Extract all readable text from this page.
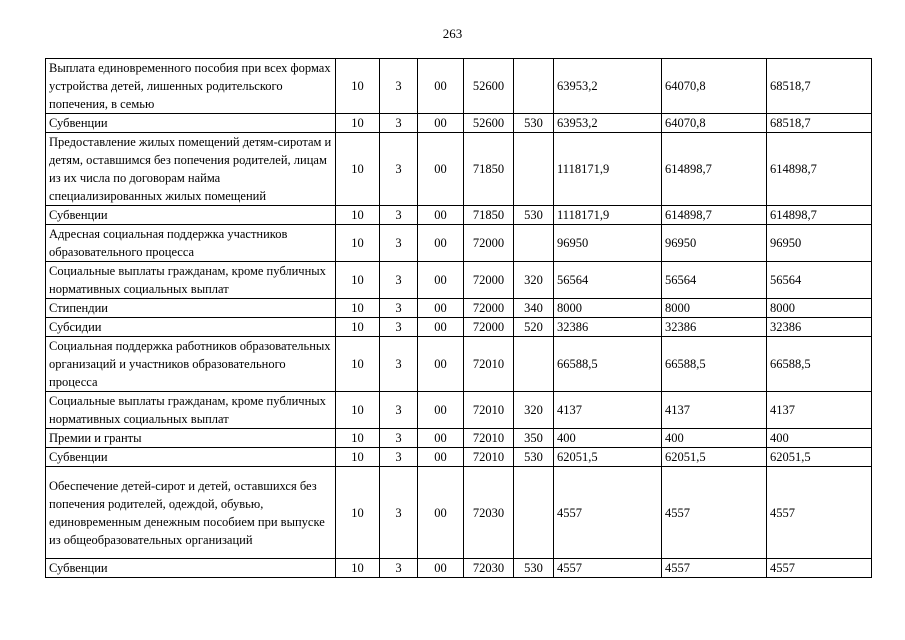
263
Выплата единовременного пособия при всех формах устройства детей, лишенных родительского попечения, в семью	10	3	00	52600		63953,2	64070,8	68518,7
Субвенции	10	3	00	52600	530	63953,2	64070,8	68518,7
Предоставление жилых помещений детям-сиротам и детям, оставшимся без попечения родителей, лицам из их числа по договорам найма специализированных жилых помещений	10	3	00	71850		1118171,9	614898,7	614898,7
Субвенции	10	3	00	71850	530	1118171,9	614898,7	614898,7
Адресная социальная поддержка участников образовательного процесса	10	3	00	72000		96950	96950	96950
Социальные выплаты гражданам, кроме публичных нормативных социальных выплат	10	3	00	72000	320	56564	56564	56564
Стипендии	10	3	00	72000	340	8000	8000	8000
Субсидии	10	3	00	72000	520	32386	32386	32386
Социальная поддержка работников образовательных организаций и участников образовательного процесса	10	3	00	72010		66588,5	66588,5	66588,5
Социальные выплаты гражданам, кроме публичных нормативных социальных выплат	10	3	00	72010	320	4137	4137	4137
Премии и гранты	10	3	00	72010	350	400	400	400
Субвенции	10	3	00	72010	530	62051,5	62051,5	62051,5
Обеспечение детей-сирот и детей, оставшихся без попечения родителей, одеждой, обувью, единовременным денежным пособием при выпуске из общеобразовательных организаций	10	3	00	72030		4557	4557	4557
Субвенции	10	3	00	72030	530	4557	4557	4557
